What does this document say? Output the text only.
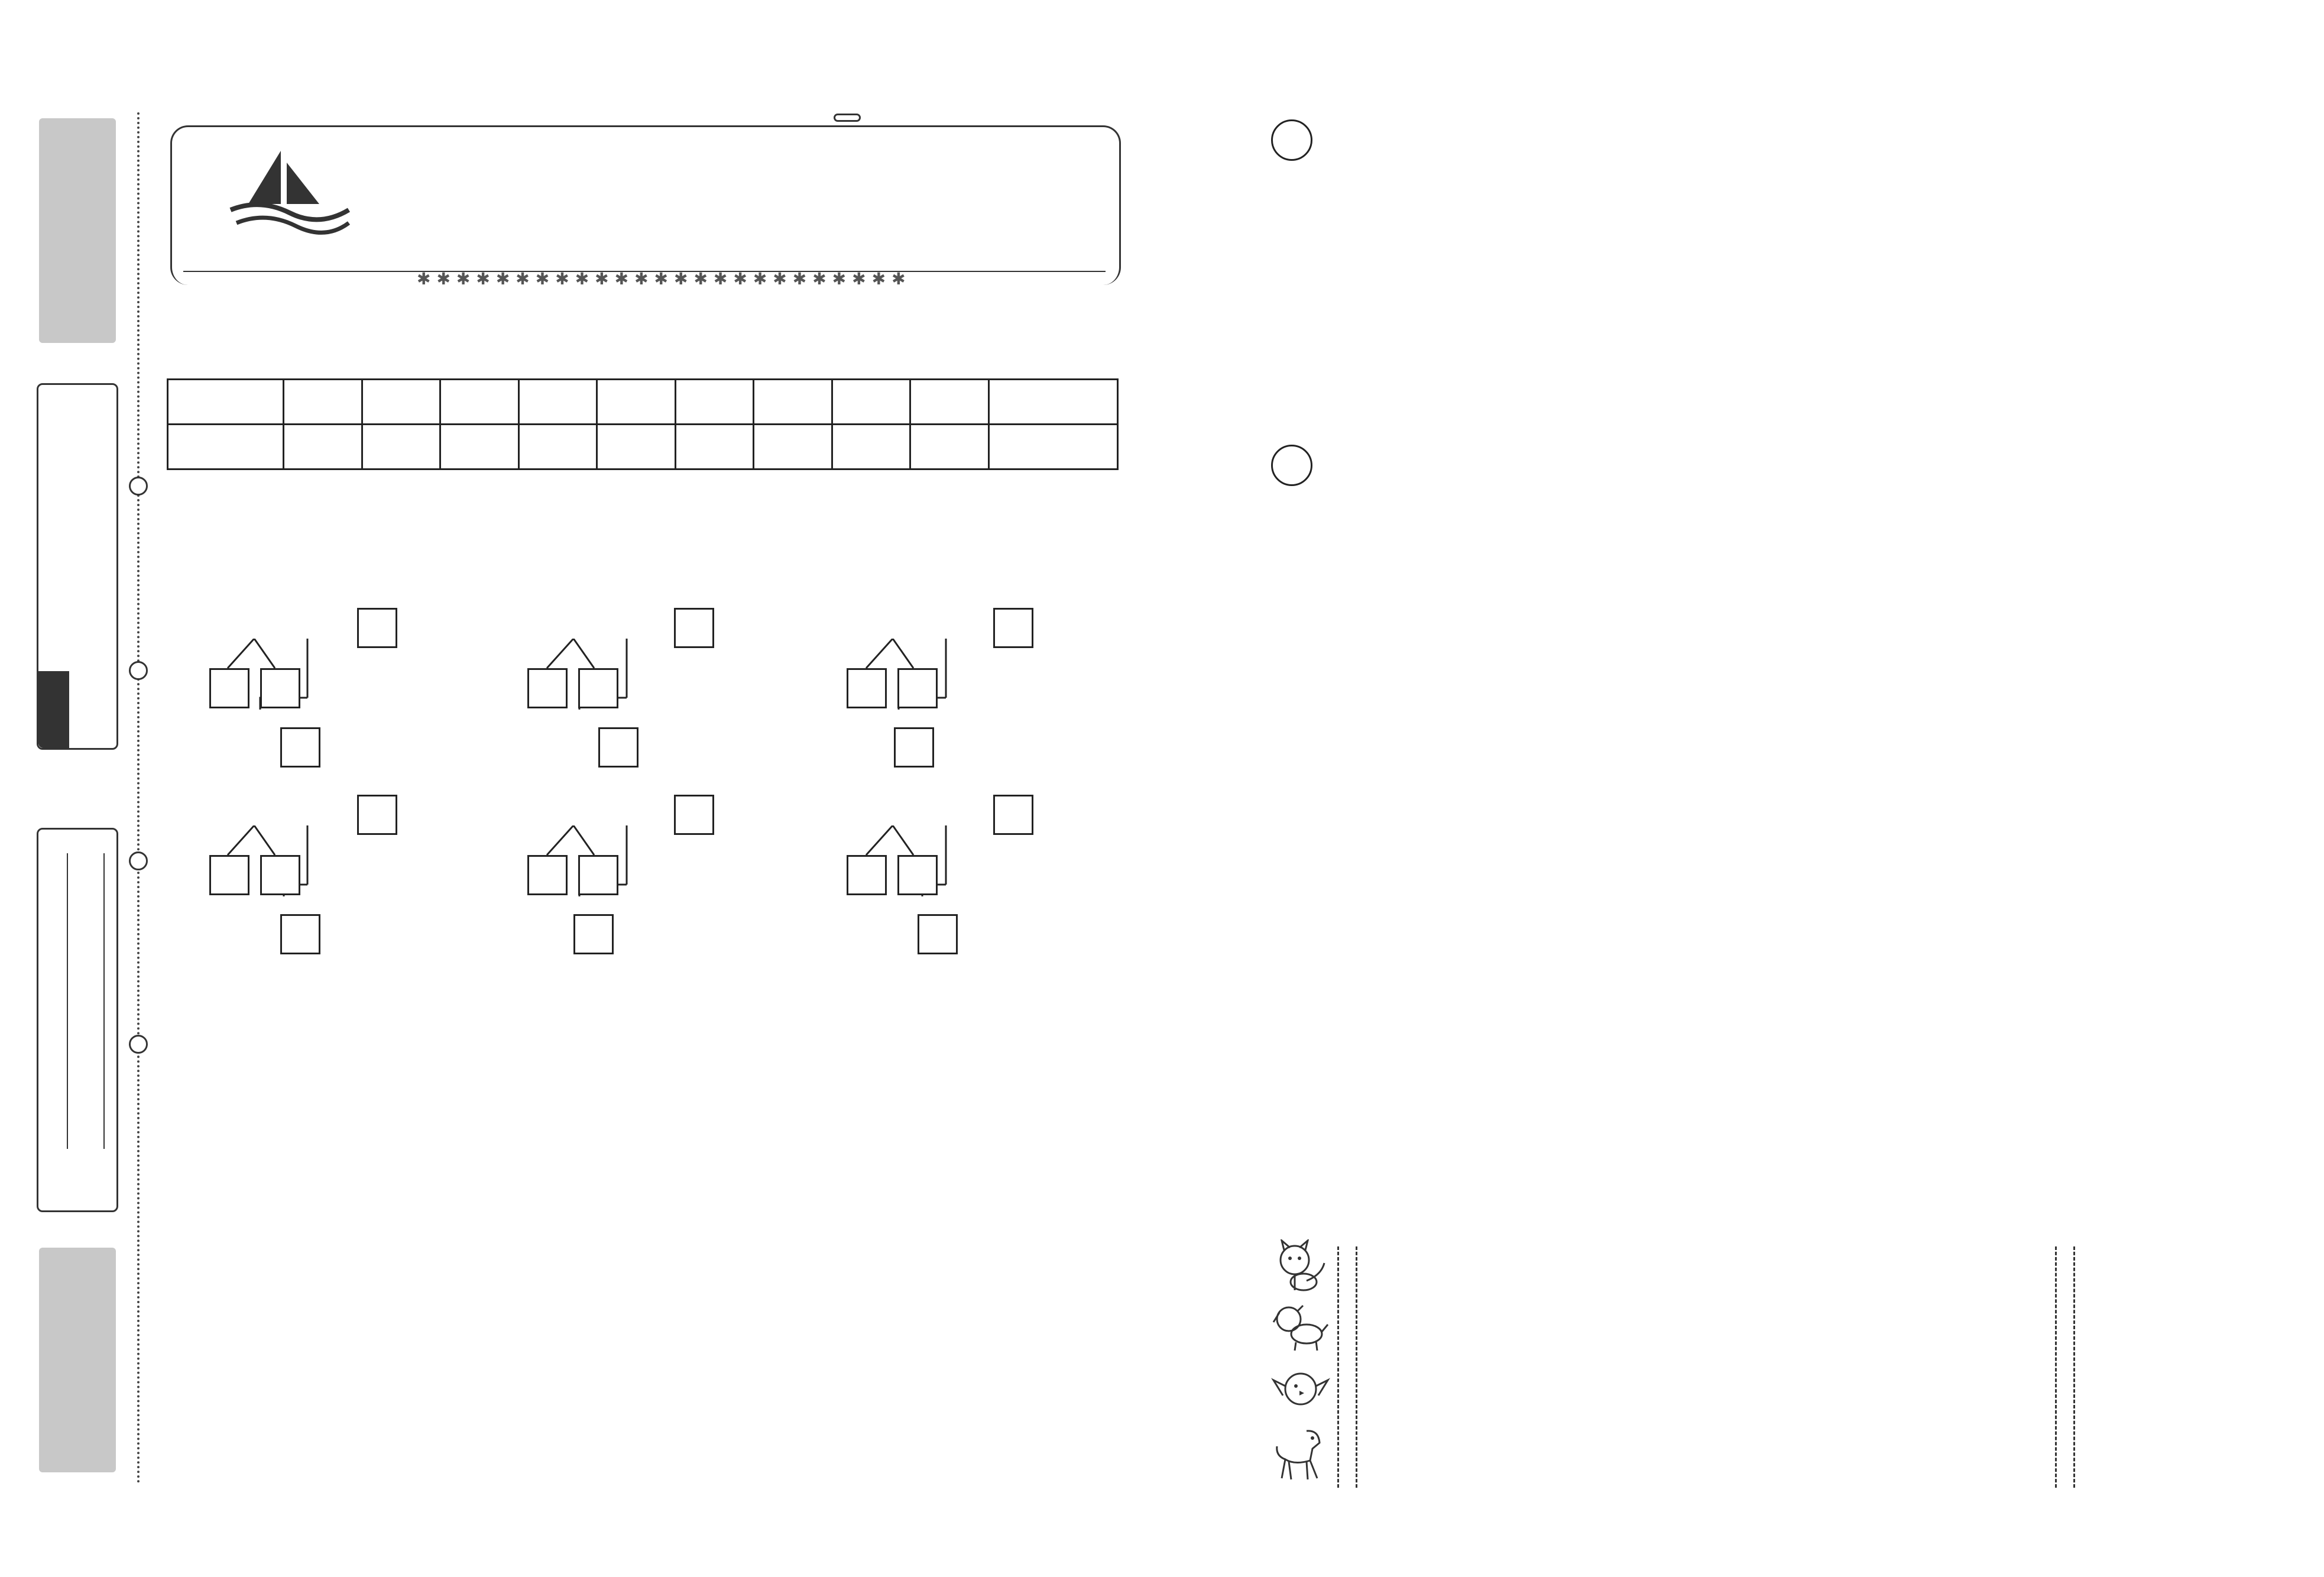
✱✱✱✱✱✱✱✱✱✱✱✱✱✱✱✱✱✱✱✱✱✱✱✱✱
